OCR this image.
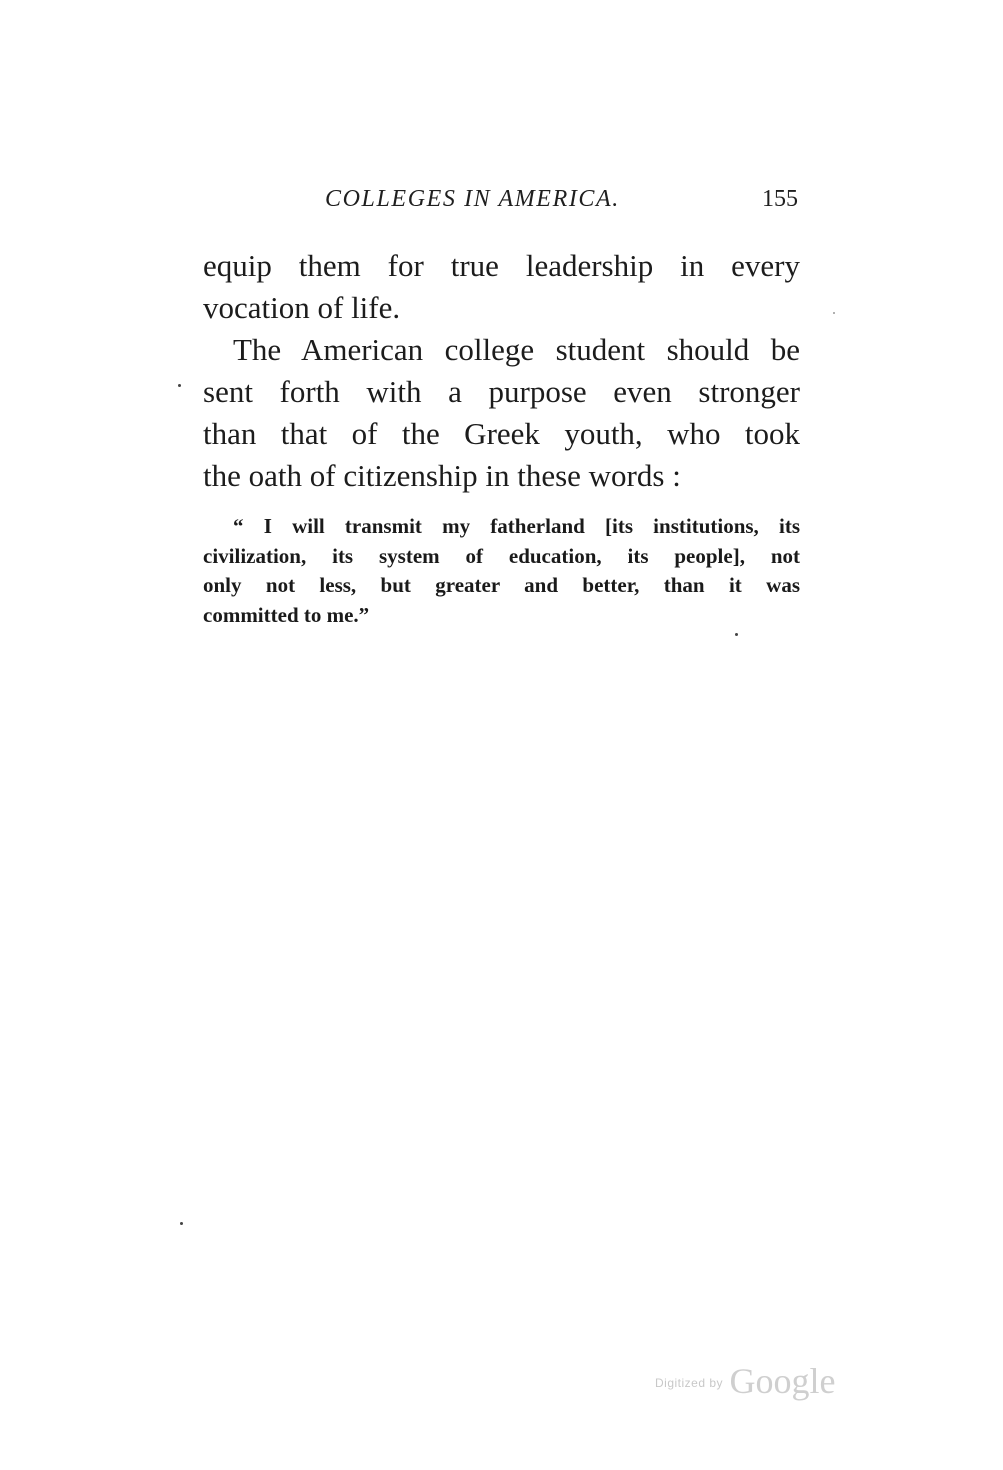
COLLEGES IN AMERICA.	155
equip them for true leadership in every
vocation of life.
The American college student should be
sent forth with a purpose even stronger
than that of the Greek youth, who took
the oath of citizenship in these words :
“ I will transmit my fatherland [its institutions, its
civilization, its system of education, its people], not
only not less, but greater and better, than it was
committed to me.”
$^{Digitized by}$ Google
